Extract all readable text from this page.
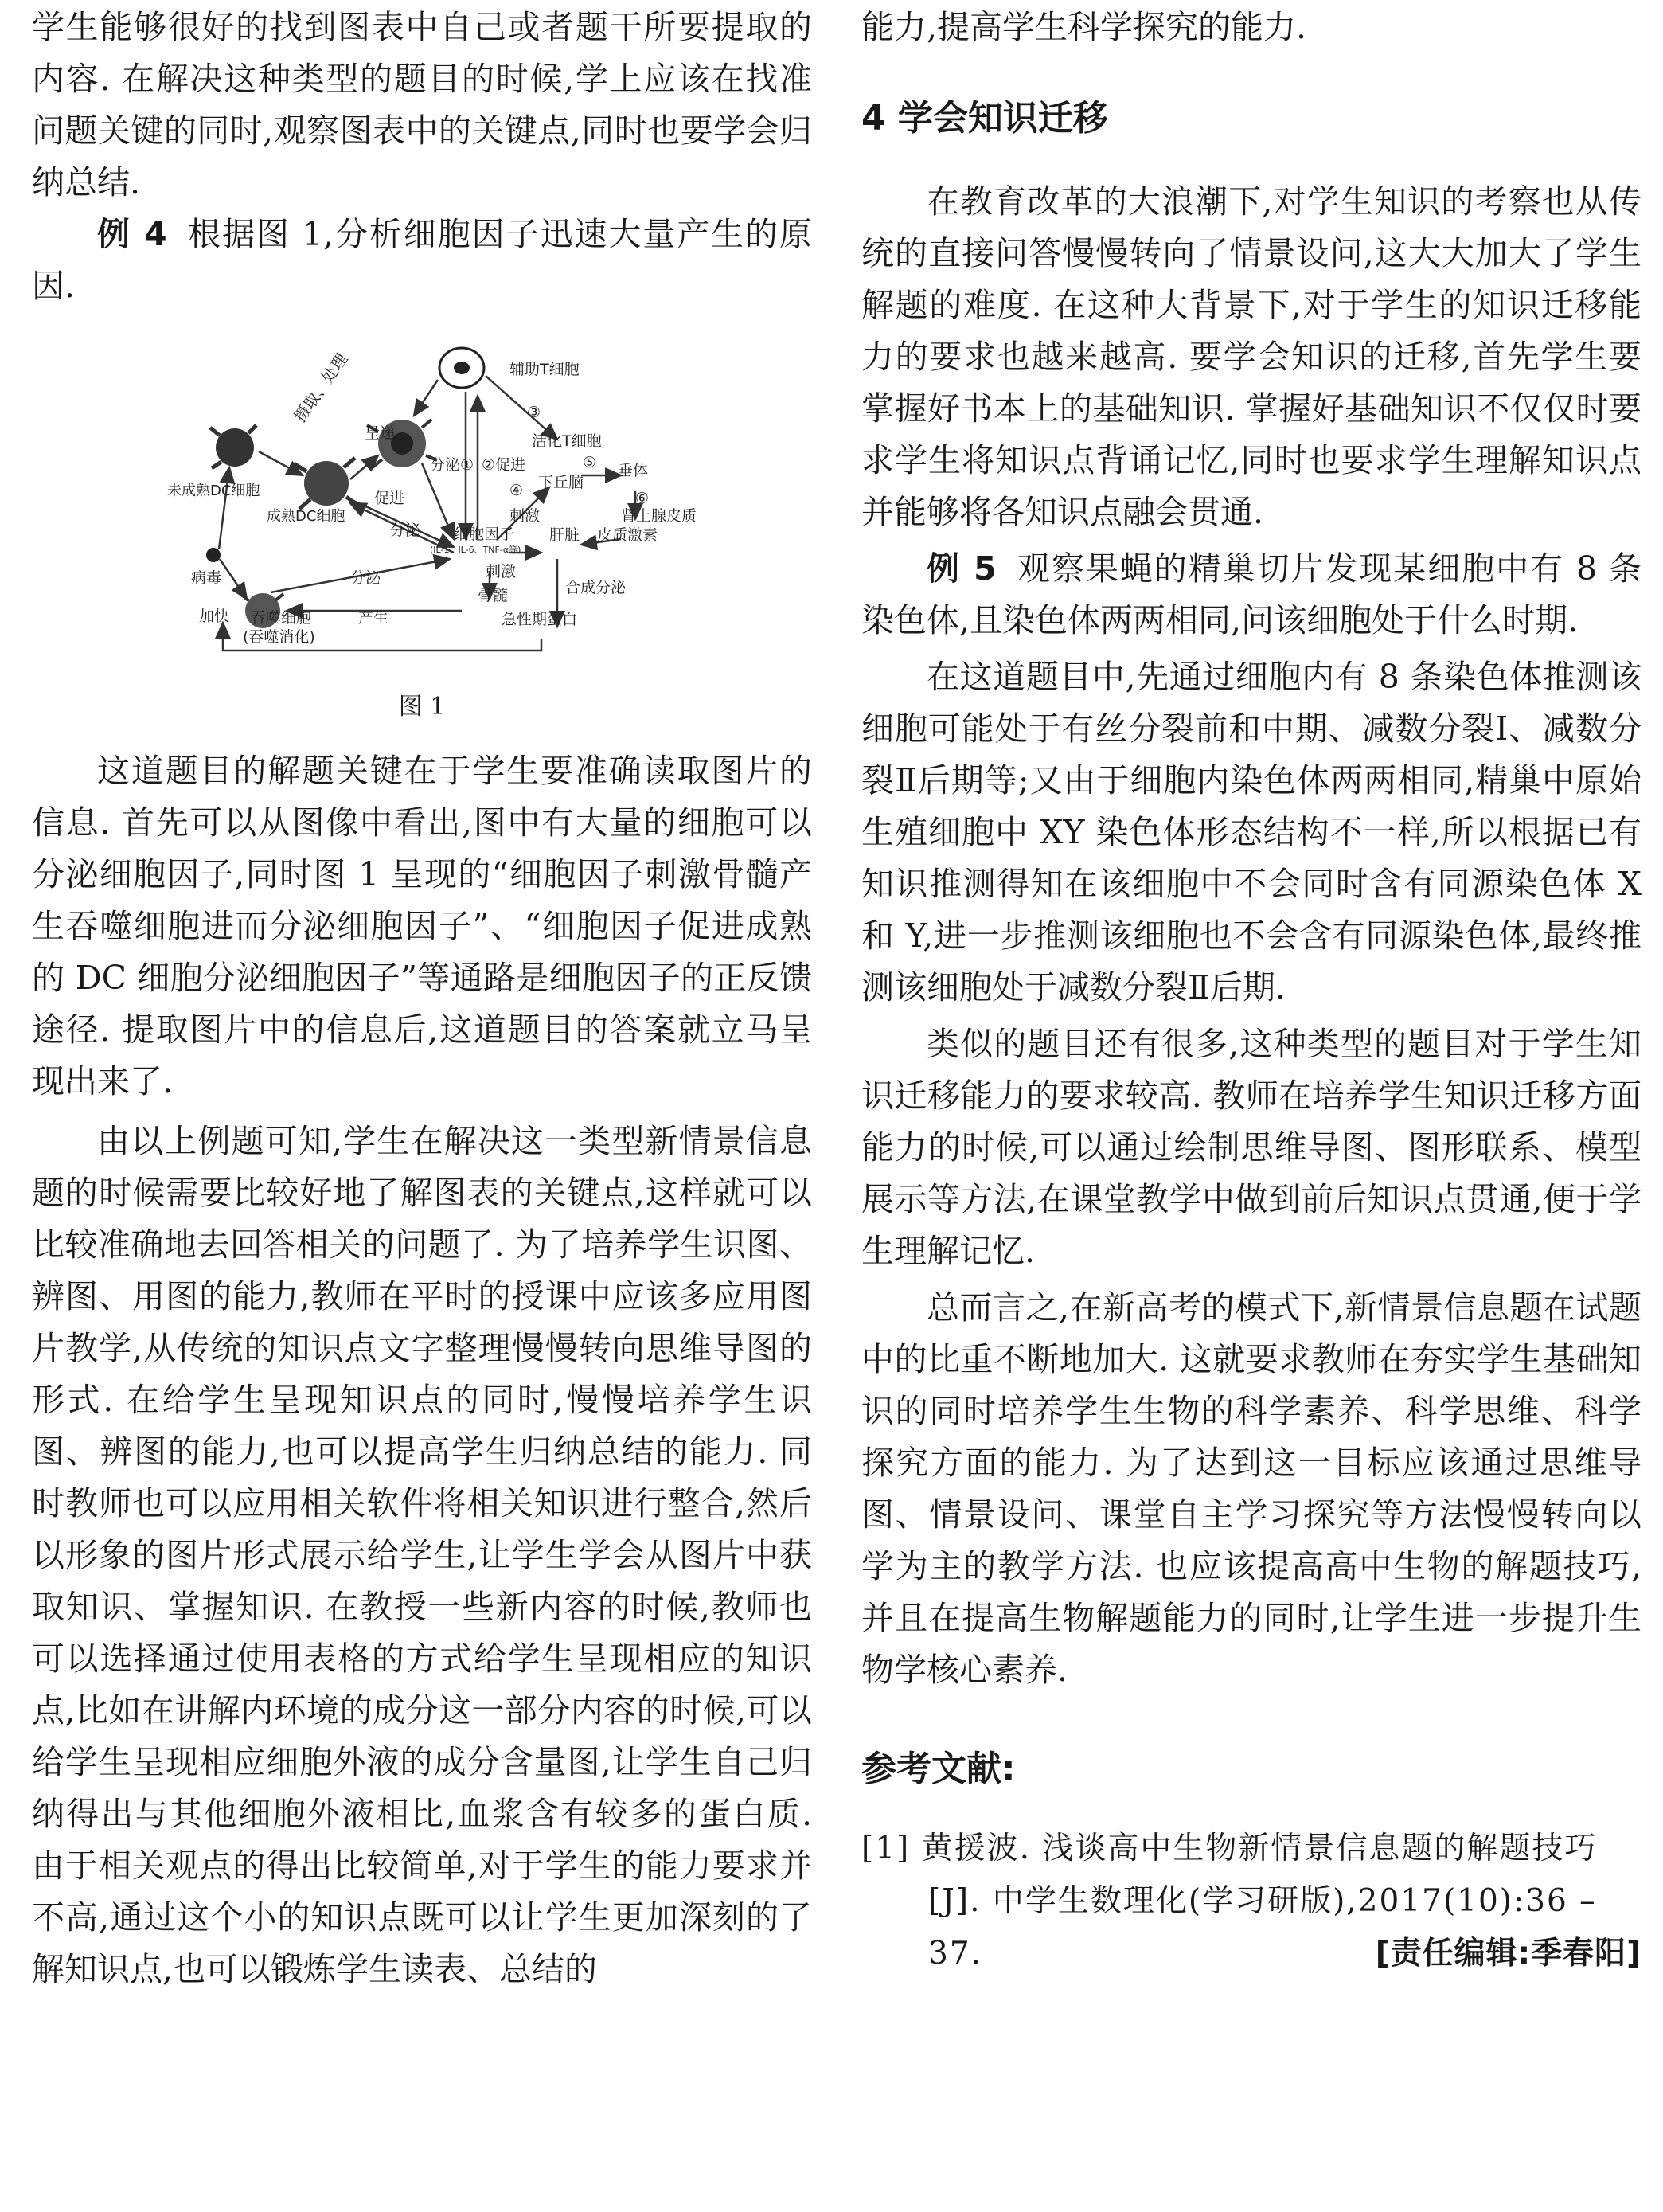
学生能够很好的找到图表中自己或者题干所要提取的内容. 在解决这种类型的题目的时候,学上应该在找准问题关键的同时,观察图表中的关键点,同时也要学会归纳总结.

例 4 根据图 1,分析细胞因子迅速大量产生的原因.

辅助T细胞
摄取、处理
呈递
分泌① ②促进
活化T细胞
③
⑤ 垂体
④ 下丘脑
⑥
未成熟DC细胞
成熟DC细胞
促进
刺激	肾上腺皮质
皮质激素
肝脏
分泌 细胞因子
(IL-1、IL-6、TNF-α等)
刺激
病毒	分泌
骨髓	合成分泌
加快 吞噬细胞
(吞噬消化)
产生	急性期蛋白

图 1

这道题目的解题关键在于学生要准确读取图片的信息. 首先可以从图像中看出,图中有大量的细胞可以分泌细胞因子,同时图 1 呈现的“细胞因子刺激骨髓产生吞噬细胞进而分泌细胞因子”、“细胞因子促进成熟的 DC 细胞分泌细胞因子”等通路是细胞因子的正反馈途径. 提取图片中的信息后,这道题目的答案就立马呈现出来了.

由以上例题可知,学生在解决这一类型新情景信息题的时候需要比较好地了解图表的关键点,这样就可以比较准确地去回答相关的问题了. 为了培养学生识图、辨图、用图的能力,教师在平时的授课中应该多应用图片教学,从传统的知识点文字整理慢慢转向思维导图的形式. 在给学生呈现知识点的同时,慢慢培养学生识图、辨图的能力,也可以提高学生归纳总结的能力. 同时教师也可以应用相关软件将相关知识进行整合,然后以形象的图片形式展示给学生,让学生学会从图片中获取知识、掌握知识. 在教授一些新内容的时候,教师也可以选择通过使用表格的方式给学生呈现相应的知识点,比如在讲解内环境的成分这一部分内容的时候,可以给学生呈现相应细胞外液的成分含量图,让学生自己归纳得出与其他细胞外液相比,血浆含有较多的蛋白质. 由于相关观点的得出比较简单,对于学生的能力要求并不高,通过这个小的知识点既可以让学生更加深刻的了解知识点,也可以锻炼学生读表、总结的

能力,提高学生科学探究的能力.

4 学会知识迁移

在教育改革的大浪潮下,对学生知识的考察也从传统的直接问答慢慢转向了情景设问,这大大加大了学生解题的难度. 在这种大背景下,对于学生的知识迁移能力的要求也越来越高. 要学会知识的迁移,首先学生要掌握好书本上的基础知识. 掌握好基础知识不仅仅时要求学生将知识点背诵记忆,同时也要求学生理解知识点并能够将各知识点融会贯通.

例 5 观察果蝇的精巢切片发现某细胞中有 8 条染色体,且染色体两两相同,问该细胞处于什么时期.

在这道题目中,先通过细胞内有 8 条染色体推测该细胞可能处于有丝分裂前和中期、减数分裂Ⅰ、减数分裂Ⅱ后期等;又由于细胞内染色体两两相同,精巢中原始生殖细胞中 XY 染色体形态结构不一样,所以根据已有知识推测得知在该细胞中不会同时含有同源染色体 X 和 Y,进一步推测该细胞也不会含有同源染色体,最终推测该细胞处于减数分裂Ⅱ后期.

类似的题目还有很多,这种类型的题目对于学生知识迁移能力的要求较高. 教师在培养学生知识迁移方面能力的时候,可以通过绘制思维导图、图形联系、模型展示等方法,在课堂教学中做到前后知识点贯通,便于学生理解记忆.

总而言之,在新高考的模式下,新情景信息题在试题中的比重不断地加大. 这就要求教师在夯实学生基础知识的同时培养学生生物的科学素养、科学思维、科学探究方面的能力. 为了达到这一目标应该通过思维导图、情景设问、课堂自主学习探究等方法慢慢转向以学为主的教学方法. 也应该提高高中生物的解题技巧,并且在提高生物解题能力的同时,让学生进一步提升生物学核心素养.

参考文献:

[1] 黄援波. 浅谈高中生物新情景信息题的解题技巧[J]. 中学生数理化(学习研版),2017(10):36 – 37.	[责任编辑:季春阳]
